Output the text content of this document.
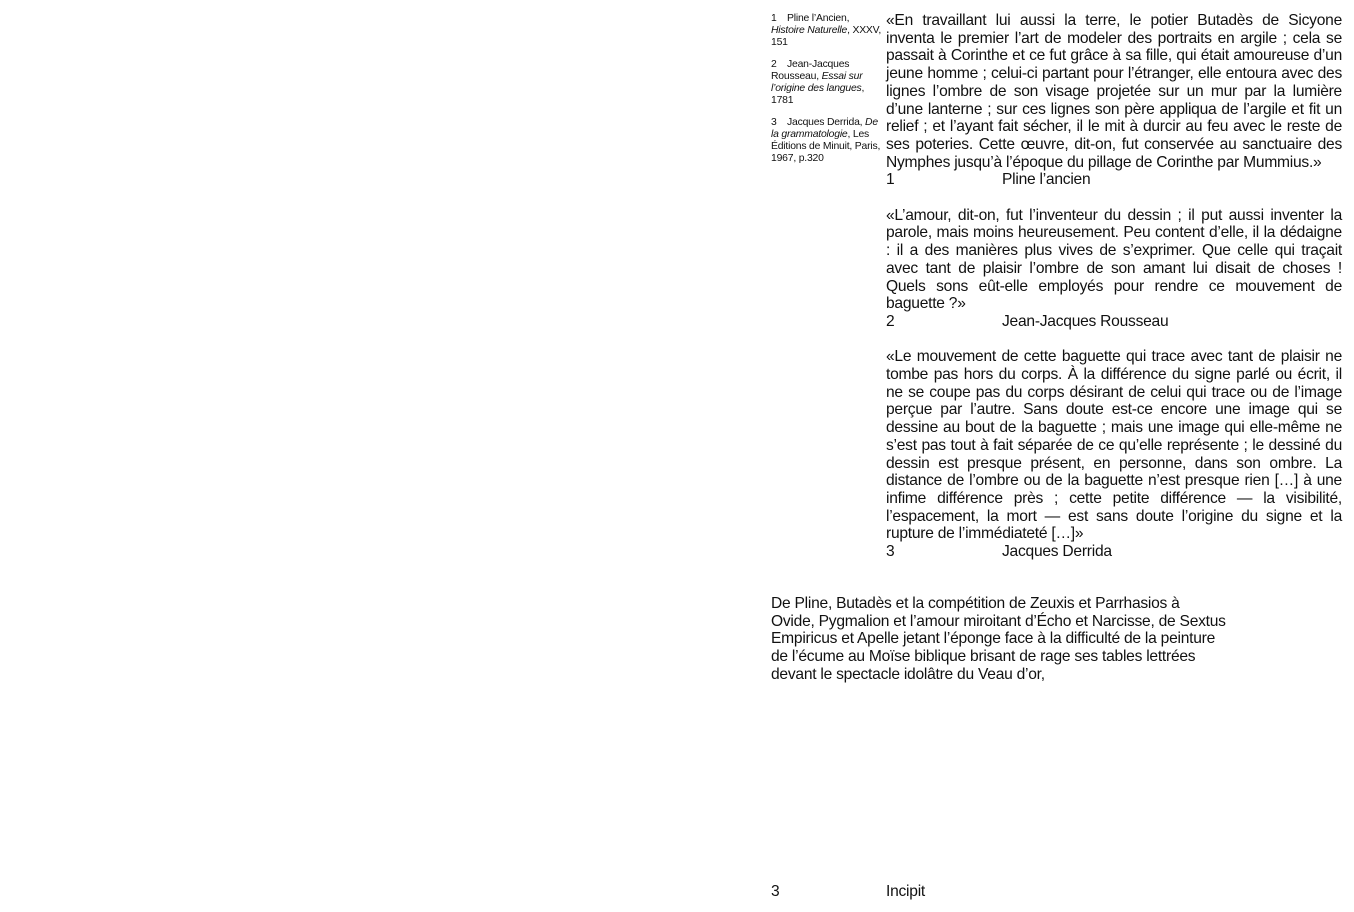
1 Pline l’Ancien, Histoire Naturelle, XXXV, 151
2 Jean-Jacques Rousseau, Essai sur l’origine des langues, 1781
3 Jacques Derrida, De la grammatologie, Les Éditions de Minuit, Paris, 1967, p.320

«En travaillant lui aussi la terre, le potier Butadès de Sicyone inventa le premier l’art de modeler des portraits en argile ; cela se passait à Corinthe et ce fut grâce à sa fille, qui était amoureuse d’un jeune homme ; celui-ci partant pour l’étranger, elle entoura avec des lignes l’ombre de son visage projetée sur un mur par la lumière d’une lanterne ; sur ces lignes son père appliqua de l’argile et fit un relief ; et l’ayant fait sécher, il le mit à durcir au feu avec le reste de ses poteries. Cette œuvre, dit-on, fut conservée au sanctuaire des Nymphes jusqu’à l’époque du pillage de Corinthe par Mummius.»

1	Pline l’ancien

«L’amour, dit-on, fut l’inventeur du dessin ; il put aussi inventer la parole, mais moins heureusement. Peu content d’elle, il la dédaigne : il a des manières plus vives de s’exprimer. Que celle qui traçait avec tant de plaisir l’ombre de son amant lui disait de choses ! Quels sons eût-elle employés pour rendre ce mouvement de baguette ?»

2	Jean-Jacques Rousseau

«Le mouvement de cette baguette qui trace avec tant de plaisir ne tombe pas hors du corps. À la différence du signe parlé ou écrit, il ne se coupe pas du corps désirant de celui qui trace ou de l’image perçue par l’autre. Sans doute est-ce encore une image qui se dessine au bout de la baguette ; mais une image qui elle-même ne s’est pas tout à fait séparée de ce qu’elle représente ; le dessiné du dessin est presque présent, en personne, dans son ombre. La distance de l’ombre ou de la baguette n’est presque rien […] à une infime différence près ; cette petite différence — la visibilité, l’espacement, la mort — est sans doute l’origine du signe et la rupture de l’immédiateté […]»

3	Jacques Derrida

De Pline, Butadès et la compétition de Zeuxis et Parrhasios à Ovide, Pygmalion et l’amour miroitant d’Écho et Narcisse, de Sextus Empiricus et Apelle jetant l’éponge face à la difficulté de la peinture de l’écume au Moïse biblique brisant de rage ses tables lettrées devant le spectacle idolâtre du Veau d’or,

3	Incipit
